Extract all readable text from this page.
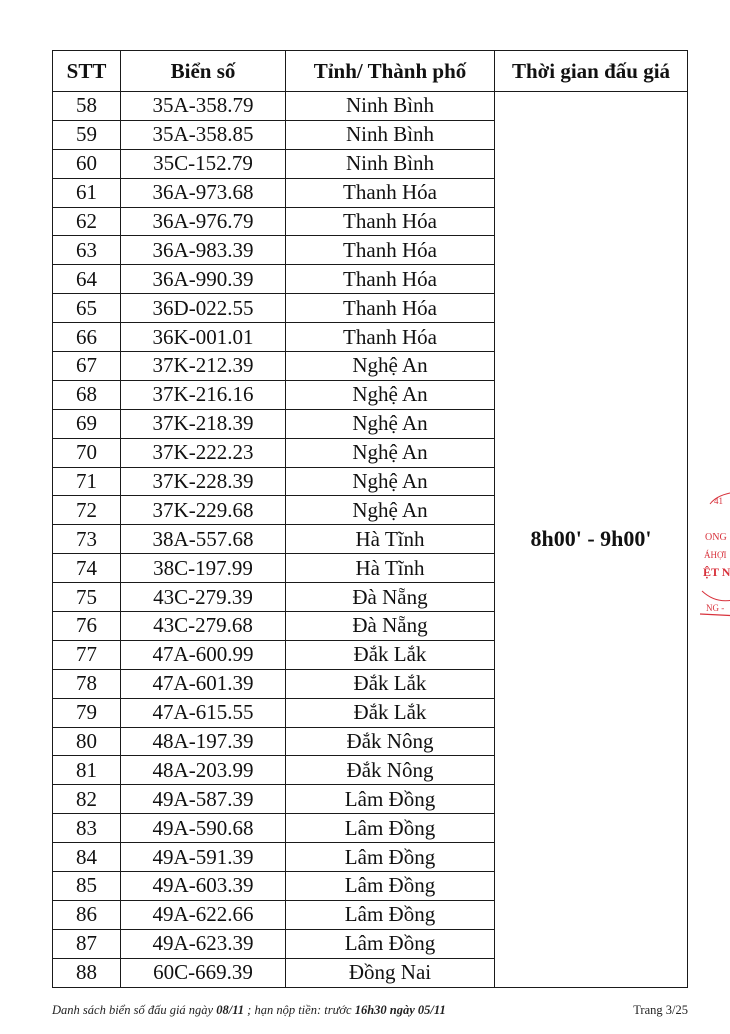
STT	Biển số	Tỉnh/ Thành phố	Thời gian đấu giá
58	35A-358.79	Ninh Bình	8h00' - 9h00'
59	35A-358.85	Ninh Bình	
60	35C-152.79	Ninh Bình	
61	36A-973.68	Thanh Hóa	
62	36A-976.79	Thanh Hóa	
63	36A-983.39	Thanh Hóa	
64	36A-990.39	Thanh Hóa	
65	36D-022.55	Thanh Hóa	
66	36K-001.01	Thanh Hóa	
67	37K-212.39	Nghệ An	
68	37K-216.16	Nghệ An	
69	37K-218.39	Nghệ An	
70	37K-222.23	Nghệ An	
71	37K-228.39	Nghệ An	
72	37K-229.68	Nghệ An	
73	38A-557.68	Hà Tĩnh	
74	38C-197.99	Hà Tĩnh	
75	43C-279.39	Đà Nẵng	
76	43C-279.68	Đà Nẵng	
77	47A-600.99	Đắk Lắk	
78	47A-601.39	Đắk Lắk	
79	47A-615.55	Đắk Lắk	
80	48A-197.39	Đắk Nông	
81	48A-203.99	Đắk Nông	
82	49A-587.39	Lâm Đồng	
83	49A-590.68	Lâm Đồng	
84	49A-591.39	Lâm Đồng	
85	49A-603.39	Lâm Đồng	
86	49A-622.66	Lâm Đồng	
87	49A-623.39	Lâm Đồng	
88	60C-669.39	Đồng Nai	
41
ONG
ÁHỢI
ỆT N
NG -
Danh sách biển số đấu giá ngày 08/11 ; hạn nộp tiền: trước 16h30 ngày 05/11	Trang 3/25
